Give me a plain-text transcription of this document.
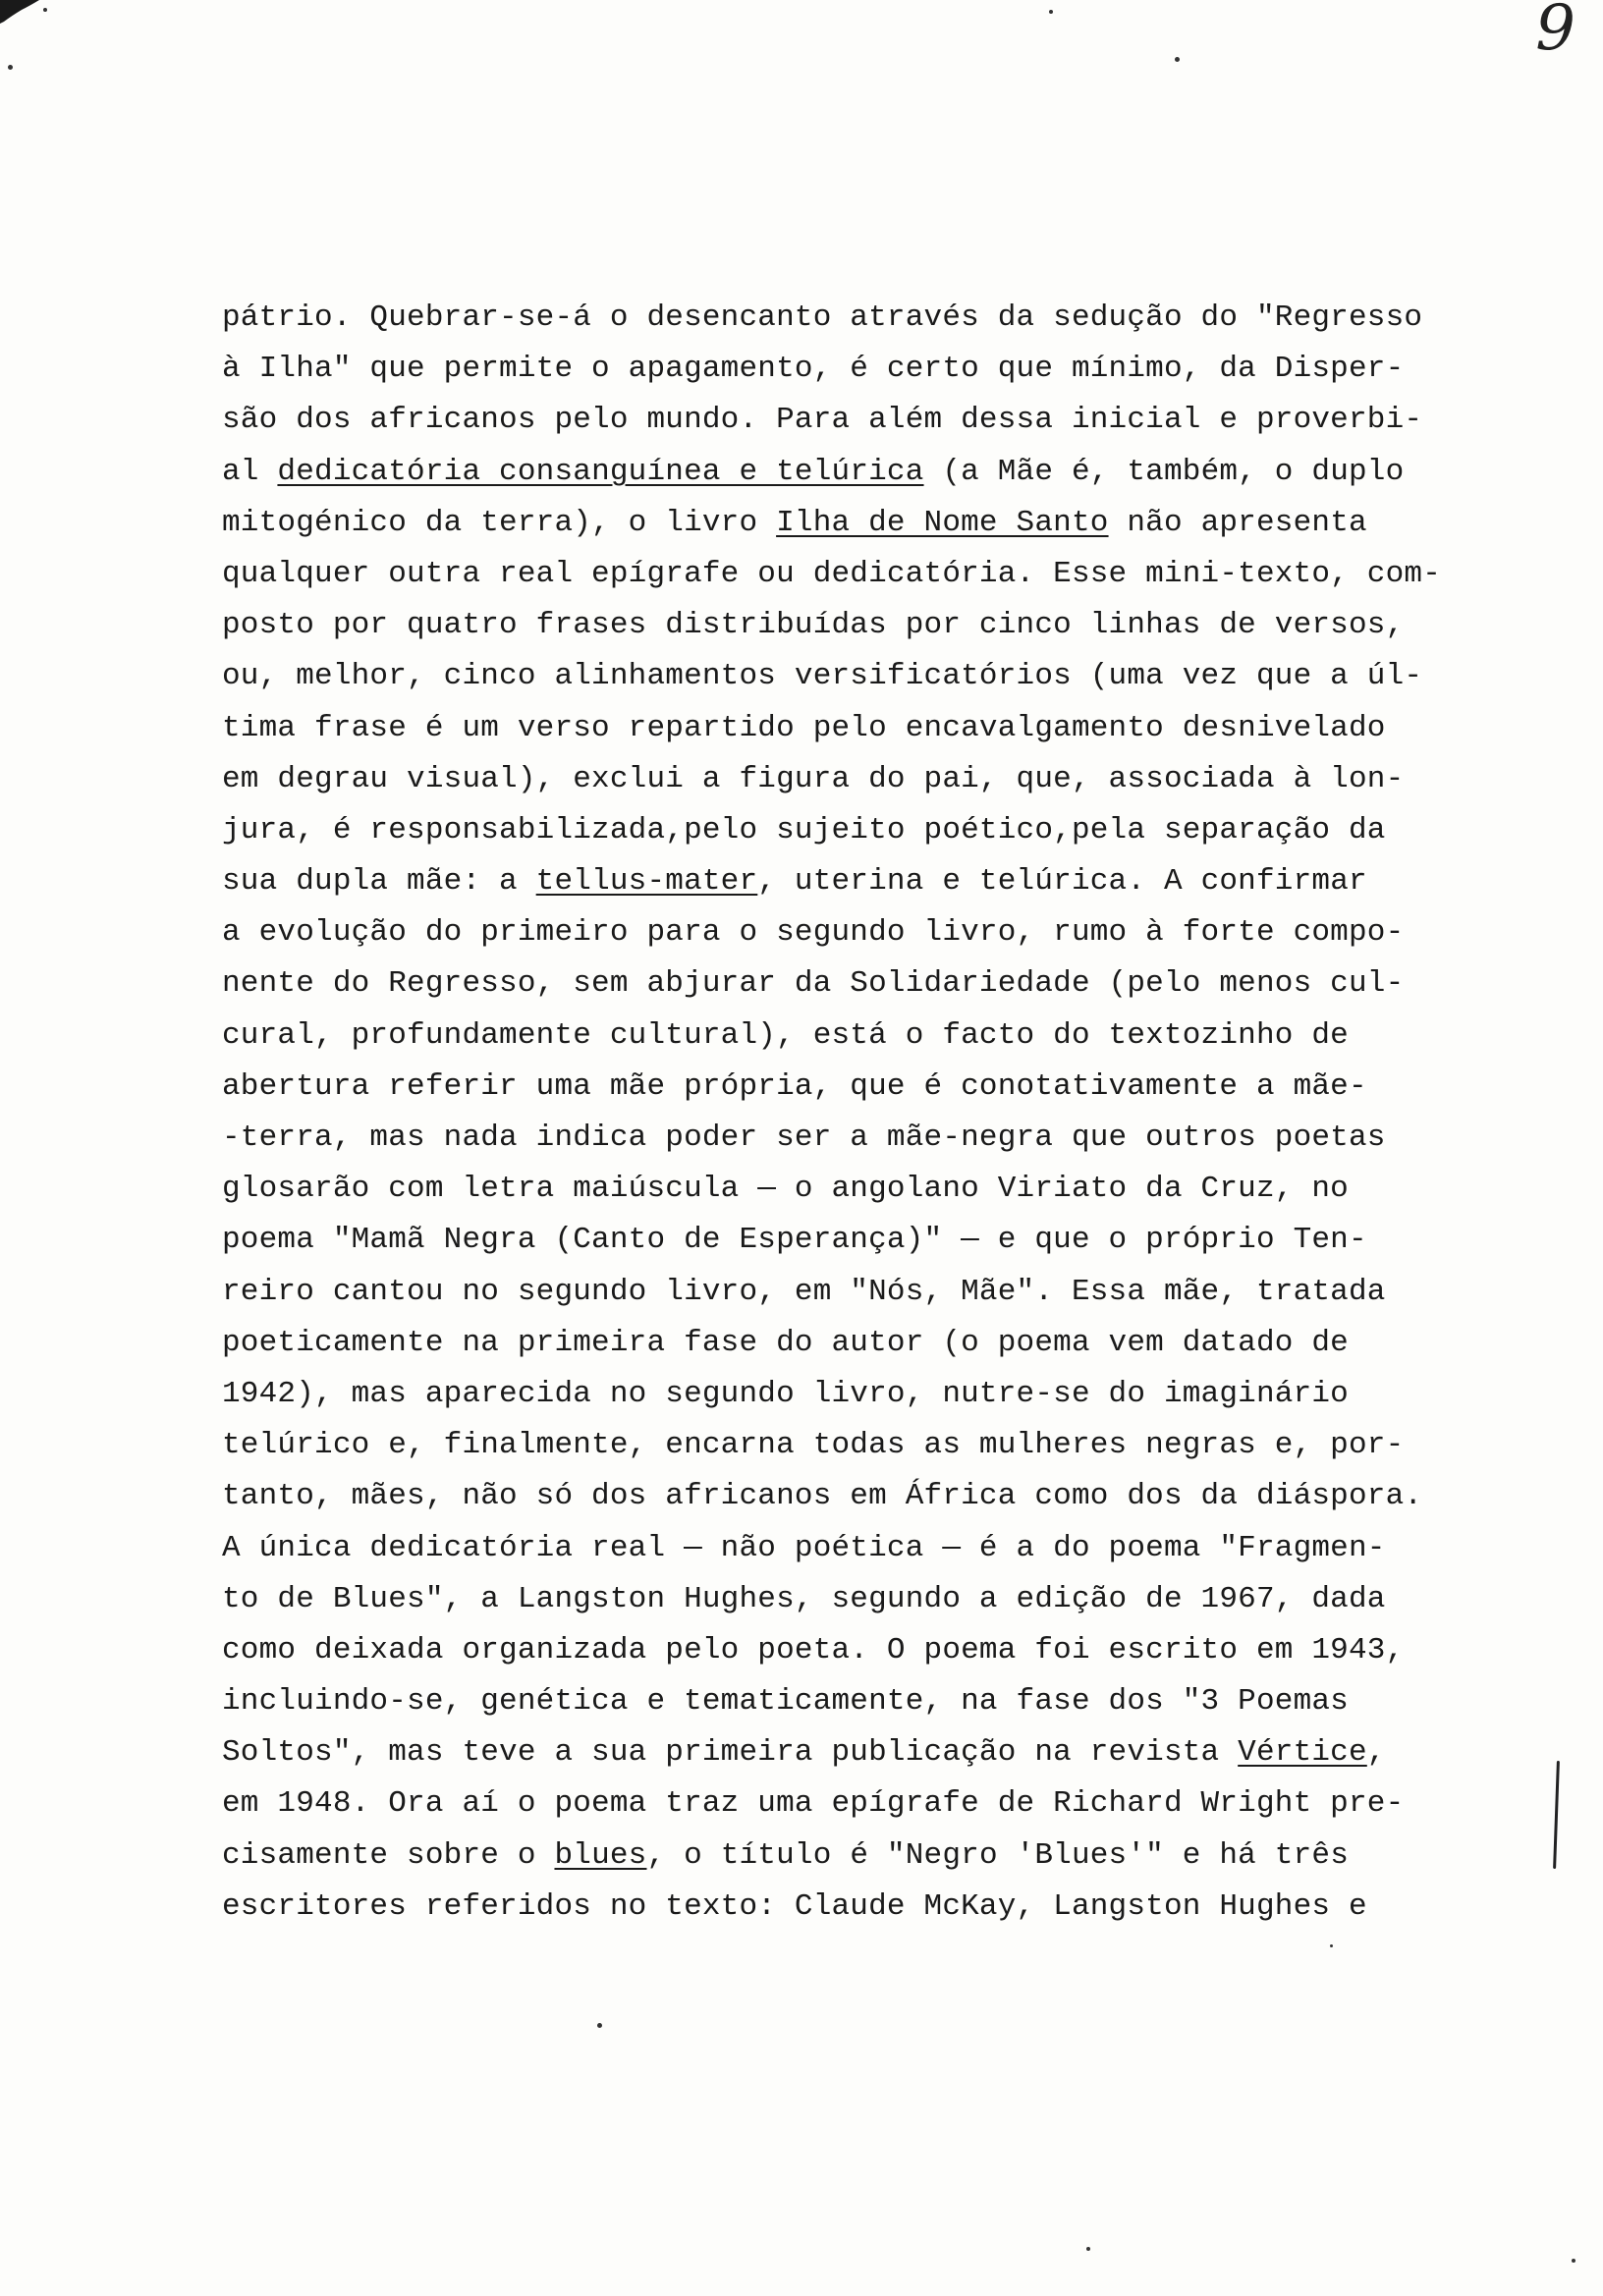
9
pátrio. Quebrar-se-á o desencanto através da sedução do "Regresso
à Ilha" que permite o apagamento, é certo que mínimo, da Disper-
são dos africanos pelo mundo. Para além dessa inicial e proverbi-
al dedicatória consanguínea e telúrica (a Mãe é, também, o duplo
mitogénico da terra), o livro Ilha de Nome Santo não apresenta
qualquer outra real epígrafe ou dedicatória. Esse mini-texto, com-
posto por quatro frases distribuídas por cinco linhas de versos,
ou, melhor, cinco alinhamentos versificatórios (uma vez que a úl-
tima frase é um verso repartido pelo encavalgamento desnivelado
em degrau visual), exclui a figura do pai, que, associada à lon-
jura, é responsabilizada,pelo sujeito poético,pela separação da
sua dupla mãe: a tellus-mater, uterina e telúrica. A confirmar
a evolução do primeiro para o segundo livro, rumo à forte compo-
nente do Regresso, sem abjurar da Solidariedade (pelo menos cul-
cural, profundamente cultural), está o facto do textozinho de
abertura referir uma mãe própria, que é conotativamente a mãe-
-terra, mas nada indica poder ser a mãe-negra que outros poetas
glosarão com letra maiúscula — o angolano Viriato da Cruz, no
poema "Mamã Negra (Canto de Esperança)" — e que o próprio Ten-
reiro cantou no segundo livro, em "Nós, Mãe". Essa mãe, tratada
poeticamente na primeira fase do autor (o poema vem datado de
1942), mas aparecida no segundo livro, nutre-se do imaginário
telúrico e, finalmente, encarna todas as mulheres negras e, por-
tanto, mães, não só dos africanos em África como dos da diáspora.
A única dedicatória real — não poética — é a do poema "Fragmen-
to de Blues", a Langston Hughes, segundo a edição de 1967, dada
como deixada organizada pelo poeta. O poema foi escrito em 1943,
incluindo-se, genética e tematicamente, na fase dos "3 Poemas
Soltos", mas teve a sua primeira publicação na revista Vértice,
em 1948. Ora aí o poema traz uma epígrafe de Richard Wright pre-
cisamente sobre o blues, o título é "Negro 'Blues'" e há três
escritores referidos no texto: Claude McKay, Langston Hughes e
